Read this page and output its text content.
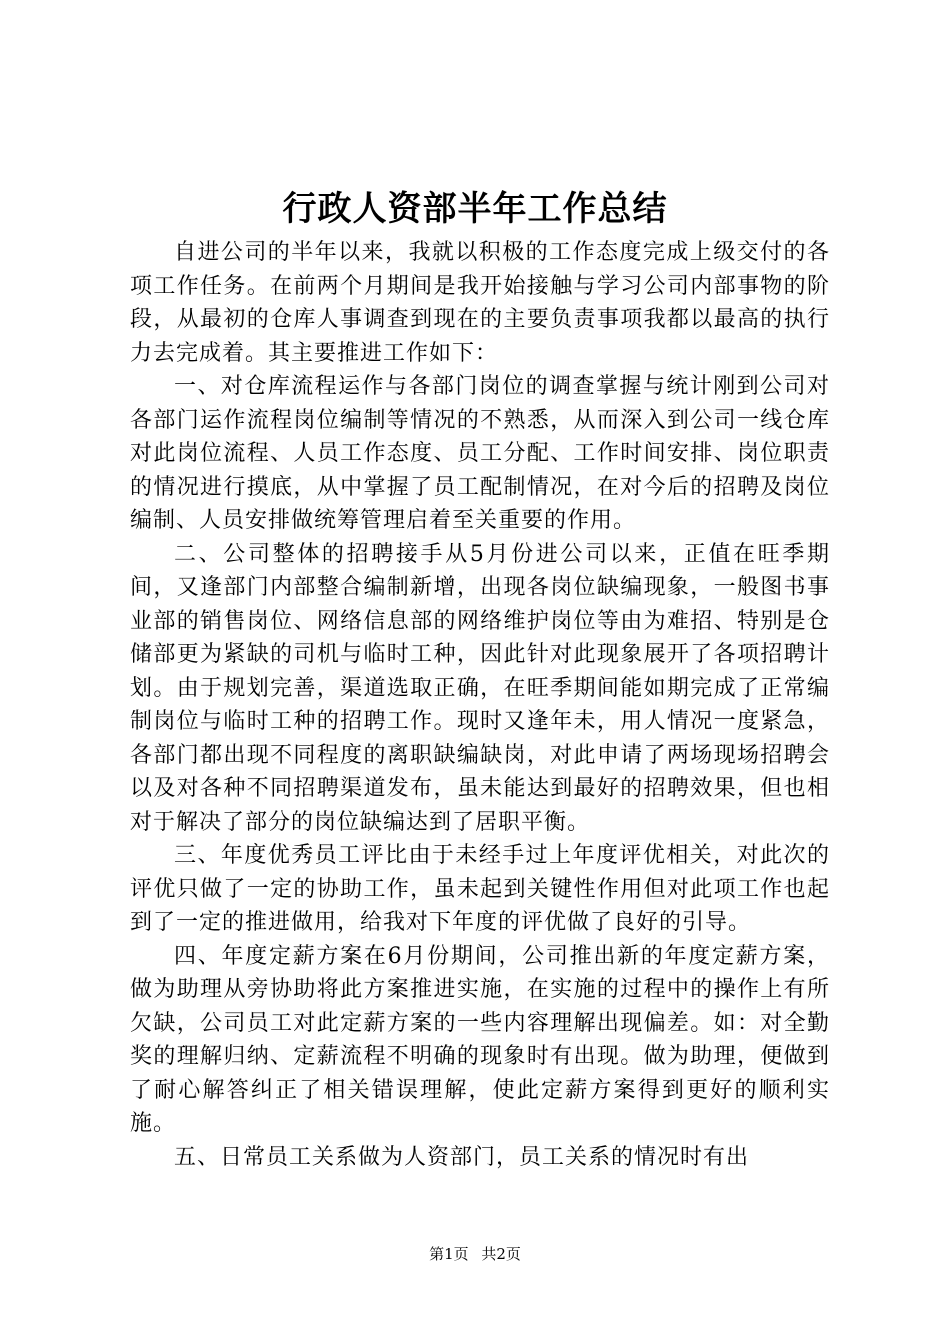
行政人资部半年工作总结

自进公司的半年以来，我就以积极的工作态度完成上级交付的各项工作任务。在前两个月期间是我开始接触与学习公司内部事物的阶段，从最初的仓库人事调查到现在的主要负责事项我都以最高的执行力去完成着。其主要推进工作如下：

一、对仓库流程运作与各部门岗位的调查掌握与统计刚到公司对各部门运作流程岗位编制等情况的不熟悉，从而深入到公司一线仓库对此岗位流程、人员工作态度、员工分配、工作时间安排、岗位职责的情况进行摸底，从中掌握了员工配制情况，在对今后的招聘及岗位编制、人员安排做统筹管理启着至关重要的作用。

二、公司整体的招聘接手从5月份进公司以来，正值在旺季期间，又逢部门内部整合编制新增，出现各岗位缺编现象，一般图书事业部的销售岗位、网络信息部的网络维护岗位等由为难招、特别是仓储部更为紧缺的司机与临时工种，因此针对此现象展开了各项招聘计划。由于规划完善，渠道选取正确，在旺季期间能如期完成了正常编制岗位与临时工种的招聘工作。现时又逢年未，用人情况一度紧急，各部门都出现不同程度的离职缺编缺岗，对此申请了两场现场招聘会以及对各种不同招聘渠道发布，虽未能达到最好的招聘效果，但也相对于解决了部分的岗位缺编达到了居职平衡。

三、年度优秀员工评比由于未经手过上年度评优相关，对此次的评优只做了一定的协助工作，虽未起到关键性作用但对此项工作也起到了一定的推进做用，给我对下年度的评优做了良好的引导。

四、年度定薪方案在6月份期间，公司推出新的年度定薪方案，做为助理从旁协助将此方案推进实施，在实施的过程中的操作上有所欠缺，公司员工对此定薪方案的一些内容理解出现偏差。如：对全勤奖的理解归纳、定薪流程不明确的现象时有出现。做为助理，便做到了耐心解答纠正了相关错误理解，使此定薪方案得到更好的顺利实施。

五、日常员工关系做为人资部门，员工关系的情况时有出

第1页 共2页
